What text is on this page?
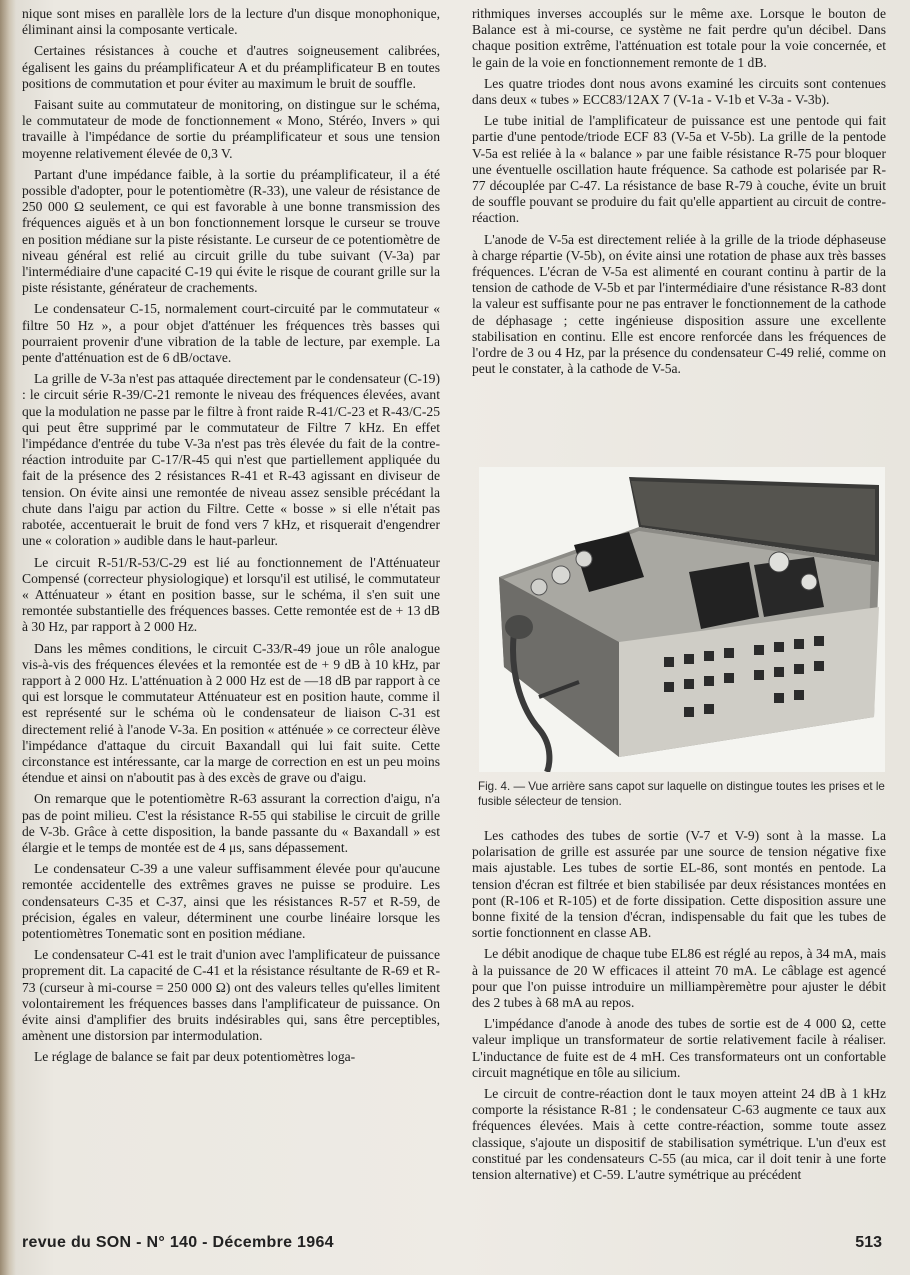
nique sont mises en parallèle lors de la lecture d'un disque monophonique, éliminant ainsi la composante verticale.

Certaines résistances à couche et d'autres soigneusement calibrées, égalisent les gains du préamplificateur A et du préamplificateur B en toutes positions de commutation et pour éviter au maximum le bruit de souffle.

Faisant suite au commutateur de monitoring, on distingue sur le schéma, le commutateur de mode de fonctionnement « Mono, Stéréo, Invers » qui travaille à l'impédance de sortie du préamplificateur et sous une tension moyenne relativement élevée de 0,3 V.

Partant d'une impédance faible, à la sortie du préamplificateur, il a été possible d'adopter, pour le potentiomètre (R-33), une valeur de résistance de 250 000 Ω seulement, ce qui est favorable à une bonne transmission des fréquences aiguës et à un bon fonctionnement lorsque le curseur se trouve en position médiane sur la piste résistante. Le curseur de ce potentiomètre de niveau général est relié au circuit grille du tube suivant (V-3a) par l'intermédiaire d'une capacité C-19 qui évite le risque de courant grille sur la piste résistante, générateur de crachements.

Le condensateur C-15, normalement court-circuité par le commutateur « filtre 50 Hz », a pour objet d'atténuer les fréquences très basses qui pourraient provenir d'une vibration de la table de lecture, par exemple. La pente d'atténuation est de 6 dB/octave.

La grille de V-3a n'est pas attaquée directement par le condensateur (C-19) : le circuit série R-39/C-21 remonte le niveau des fréquences élevées, avant que la modulation ne passe par le filtre à front raide R-41/C-23 et R-43/C-25 qui peut être supprimé par le commutateur de Filtre 7 kHz. En effet l'impédance d'entrée du tube V-3a n'est pas très élevée du fait de la contre-réaction introduite par C-17/R-45 qui n'est que partiellement appliquée du fait de la présence des 2 résistances R-41 et R-43 agissant en diviseur de tension. On évite ainsi une remontée de niveau assez sensible précédant la chute dans l'aigu par action du Filtre. Cette « bosse » si elle n'était pas rabotée, accentuerait le bruit de fond vers 7 kHz, et risquerait d'engendrer une « coloration » audible dans le haut-parleur.

Le circuit R-51/R-53/C-29 est lié au fonctionnement de l'Atténuateur Compensé (correcteur physiologique) et lorsqu'il est utilisé, le commutateur « Atténuateur » étant en position basse, sur le schéma, il s'en suit une remontée substantielle des fréquences basses. Cette remontée est de + 13 dB à 30 Hz, par rapport à 2 000 Hz.

Dans les mêmes conditions, le circuit C-33/R-49 joue un rôle analogue vis-à-vis des fréquences élevées et la remontée est de + 9 dB à 10 kHz, par rapport à 2 000 Hz. L'atténuation à 2 000 Hz est de —18 dB par rapport à ce qui est lorsque le commutateur Atténuateur est en position haute, comme il est représenté sur le schéma où le condensateur de liaison C-31 est directement relié à l'anode V-3a. En position « atténuée » ce correcteur élève l'impédance d'attaque du circuit Baxandall qui lui fait suite. Cette circonstance est intéressante, car la marge de correction en est un peu moins étendue et ainsi on n'aboutit pas à des excès de grave ou d'aigu.

On remarque que le potentiomètre R-63 assurant la correction d'aigu, n'a pas de point milieu. C'est la résistance R-55 qui stabilise le circuit de grille de V-3b. Grâce à cette disposition, la bande passante du « Baxandall » est élargie et le temps de montée est de 4 μs, sans dépassement.

Le condensateur C-39 a une valeur suffisamment élevée pour qu'aucune remontée accidentelle des extrêmes graves ne puisse se produire. Les condensateurs C-35 et C-37, ainsi que les résistances R-57 et R-59, de précision, égales en valeur, déterminent une courbe linéaire lorsque les potentiomètres Tonematic sont en position médiane.

Le condensateur C-41 est le trait d'union avec l'amplificateur de puissance proprement dit. La capacité de C-41 et la résistance résultante de R-69 et R-73 (curseur à mi-course = 250 000 Ω) ont des valeurs telles qu'elles limitent volontairement les fréquences basses dans l'amplificateur de puissance. On évite ainsi d'amplifier des bruits indésirables qui, sans être perceptibles, amènent une distorsion par intermodulation.

Le réglage de balance se fait par deux potentiomètres loga-

rithmiques inverses accouplés sur le même axe. Lorsque le bouton de Balance est à mi-course, ce système ne fait perdre qu'un décibel. Dans chaque position extrême, l'atténuation est totale pour la voie concernée, et le gain de la voie en fonctionnement remonte de 1 dB.

Les quatre triodes dont nous avons examiné les circuits sont contenues dans deux « tubes » ECC83/12AX 7 (V-1a - V-1b et V-3a - V-3b).

Le tube initial de l'amplificateur de puissance est une pentode qui fait partie d'une pentode/triode ECF 83 (V-5a et V-5b). La grille de la pentode V-5a est reliée à la « balance » par une faible résistance R-75 pour bloquer une éventuelle oscillation haute fréquence. Sa cathode est polarisée par R-77 découplée par C-47. La résistance de base R-79 à couche, évite un bruit de souffle pouvant se produire du fait qu'elle appartient au circuit de contre-réaction.

L'anode de V-5a est directement reliée à la grille de la triode déphaseuse à charge répartie (V-5b), on évite ainsi une rotation de phase aux très basses fréquences. L'écran de V-5a est alimenté en courant continu à partir de la tension de cathode de V-5b et par l'intermédiaire d'une résistance R-83 dont la valeur est suffisante pour ne pas entraver le fonctionnement de la cathode de déphasage ; cette ingénieuse disposition assure une excellente stabilisation en continu. Elle est encore renforcée dans les fréquences de l'ordre de 3 ou 4 Hz, par la présence du condensateur C-49 relié, comme on peut le constater, à la cathode de V-5a.

Fig. 4. — Vue arrière sans capot sur laquelle on distingue toutes les prises et le fusible sélecteur de tension.

Les cathodes des tubes de sortie (V-7 et V-9) sont à la masse. La polarisation de grille est assurée par une source de tension négative fixe mais ajustable. Les tubes de sortie EL-86, sont montés en pentode. La tension d'écran est filtrée et bien stabilisée par deux résistances montées en pont (R-106 et R-105) et de forte dissipation. Cette disposition assure une bonne fixité de la tension d'écran, indispensable du fait que les tubes de sortie fonctionnent en classe AB.

Le débit anodique de chaque tube EL86 est réglé au repos, à 34 mA, mais à la puissance de 20 W efficaces il atteint 70 mA. Le câblage est agencé pour que l'on puisse introduire un milliampèremètre pour ajuster le débit des 2 tubes à 68 mA au repos.

L'impédance d'anode à anode des tubes de sortie est de 4 000 Ω, cette valeur implique un transformateur de sortie relativement facile à réaliser. L'inductance de fuite est de 4 mH. Ces transformateurs ont un confortable circuit magnétique en tôle au silicium.

Le circuit de contre-réaction dont le taux moyen atteint 24 dB à 1 kHz comporte la résistance R-81 ; le condensateur C-63 augmente ce taux aux fréquences élevées. Mais à cette contre-réaction, somme toute assez classique, s'ajoute un dispositif de stabilisation symétrique. L'un d'eux est constitué par les condensateurs C-55 (au mica, car il doit tenir à une forte tension alternative) et C-59. L'autre symétrique au précédent

revue du SON - N° 140 - Décembre 1964	513
